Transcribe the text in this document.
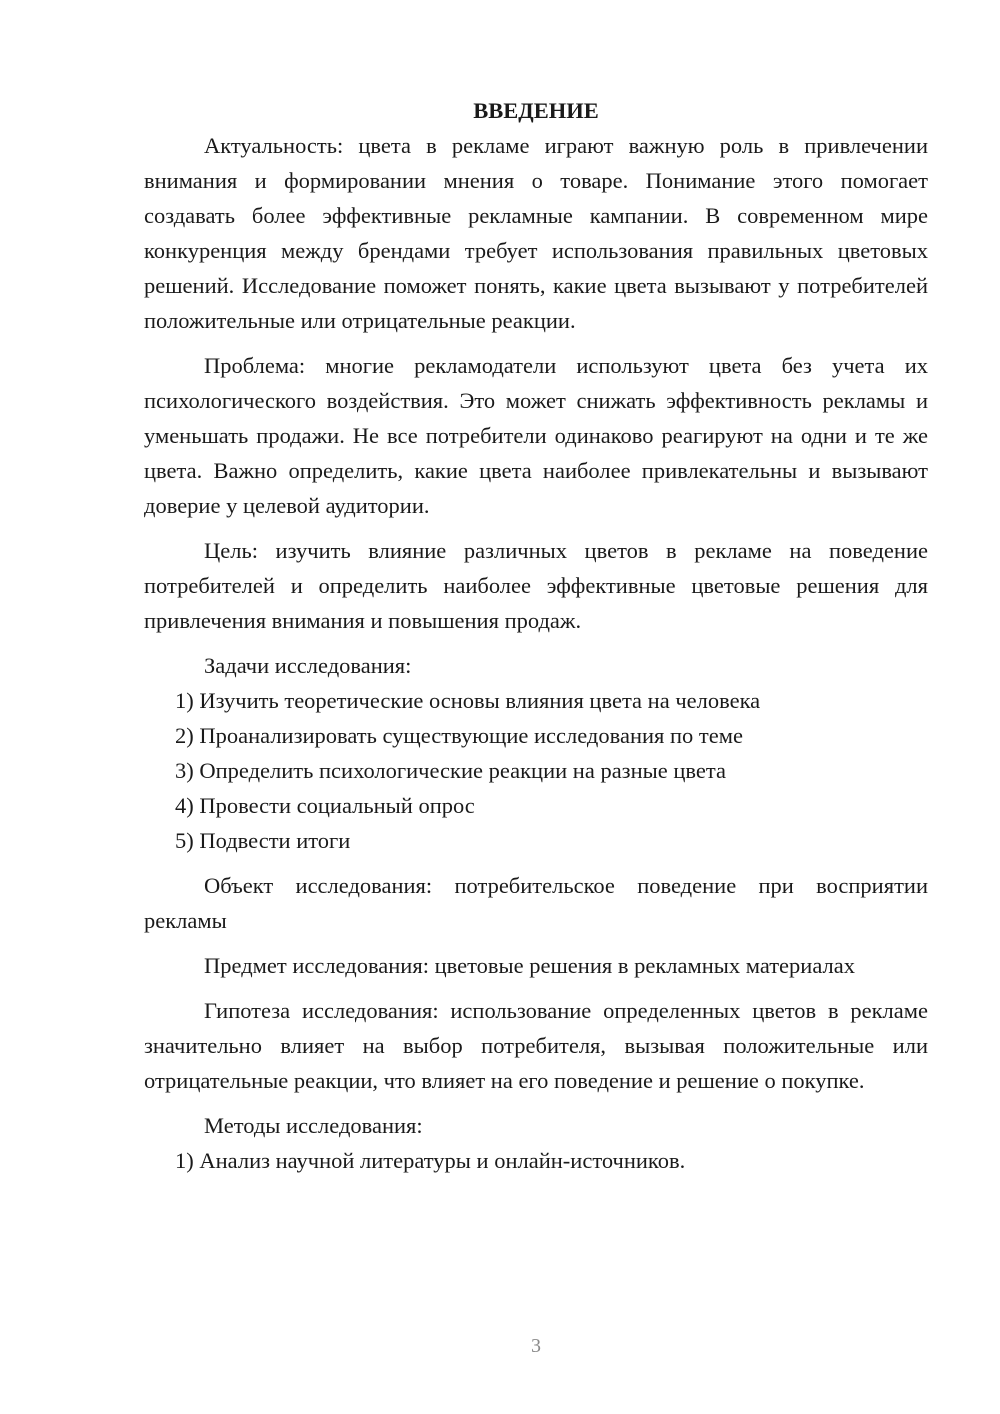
ВВЕДЕНИЕ

Актуальность: цвета в рекламе играют важную роль в привлечении внимания и формировании мнения о товаре. Понимание этого помогает создавать более эффективные рекламные кампании. В современном мире конкуренция между брендами требует использования правильных цветовых решений. Исследование поможет понять, какие цвета вызывают у потребителей положительные или отрицательные реакции.

Проблема: многие рекламодатели используют цвета без учета их психологического воздействия. Это может снижать эффективность рекламы и уменьшать продажи. Не все потребители одинаково реагируют на одни и те же цвета. Важно определить, какие цвета наиболее привлекательны и вызывают доверие у целевой аудитории.

Цель: изучить влияние различных цветов в рекламе на поведение потребителей и определить наиболее эффективные цветовые решения для привлечения внимания и повышения продаж.

Задачи исследования:

1) Изучить теоретические основы влияния цвета на человека

2) Проанализировать существующие исследования по теме

3) Определить психологические реакции на разные цвета

4) Провести социальный опрос

5) Подвести итоги

Объект исследования: потребительское поведение при восприятии рекламы

Предмет исследования: цветовые решения в рекламных материалах

Гипотеза исследования: использование определенных цветов в рекламе значительно влияет на выбор потребителя, вызывая положительные или отрицательные реакции, что влияет на его поведение и решение о покупке.

Методы исследования:

1) Анализ научной литературы и онлайн-источников.

3
